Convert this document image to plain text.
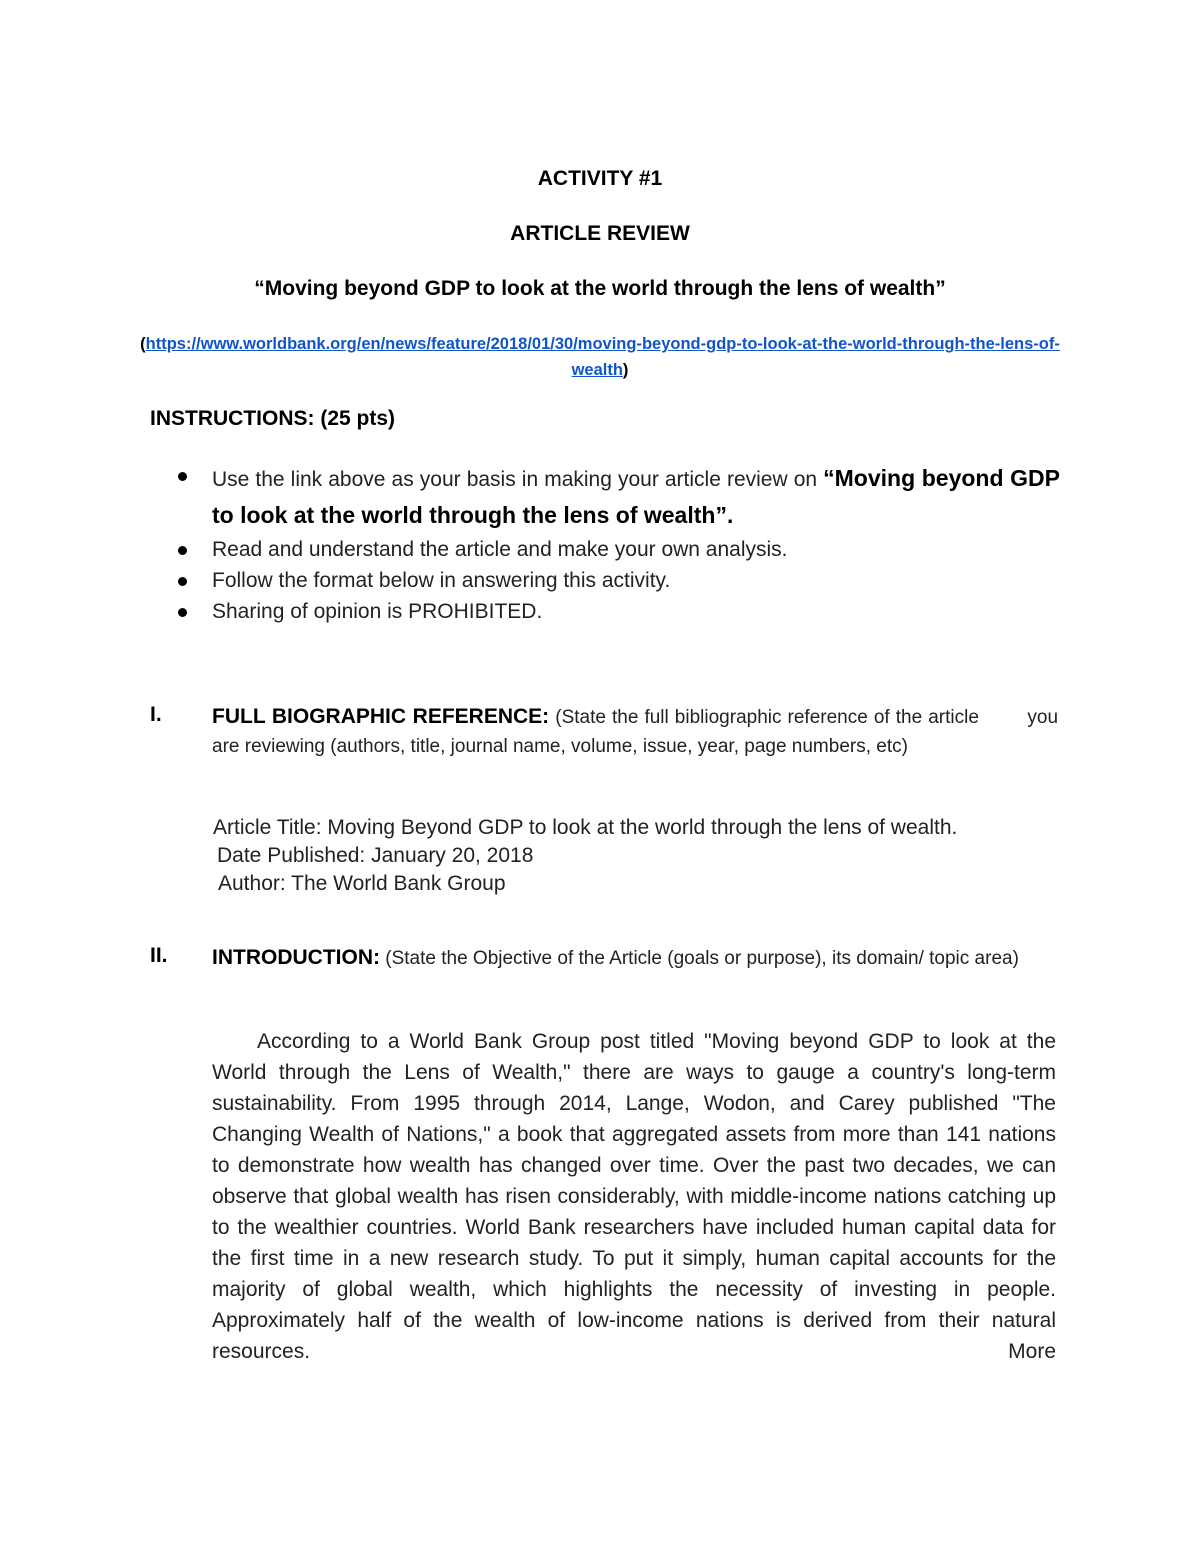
ACTIVITY #1

ARTICLE REVIEW

“Moving beyond GDP to look at the world through the lens of wealth”

(https://www.worldbank.org/en/news/feature/2018/01/30/moving-beyond-gdp-to-look-at-the-world-through-the-lens-of-wealth)

INSTRUCTIONS: (25 pts)

Use the link above as your basis in making your article review on “Moving beyond GDP to look at the world through the lens of wealth”.
Read and understand the article and make your own analysis.
Follow the format below in answering this activity.
Sharing of opinion is PROHIBITED.
I. FULL BIOGRAPHIC REFERENCE: (State the full bibliographic reference of the article        you are reviewing (authors, title, journal name, volume, issue, year, page numbers, etc)
Article Title: Moving Beyond GDP to look at the world through the lens of wealth.
Date Published: January 20, 2018
Author: The World Bank Group
II. INTRODUCTION: (State the Objective of the Article (goals or purpose), its domain/ topic area)

According to a World Bank Group post titled "Moving beyond GDP to look at the World through the Lens of Wealth," there are ways to gauge a country's long-term sustainability. From 1995 through 2014, Lange, Wodon, and Carey published "The Changing Wealth of Nations," a book that aggregated assets from more than 141 nations to demonstrate how wealth has changed over time. Over the past two decades, we can observe that global wealth has risen considerably, with middle-income nations catching up to the wealthier countries. World Bank researchers have included human capital data for the first time in a new research study. To put it simply, human capital accounts for the majority of global wealth, which highlights the necessity of investing in people. Approximately half of the wealth of low-income nations is derived from their natural resources. More
